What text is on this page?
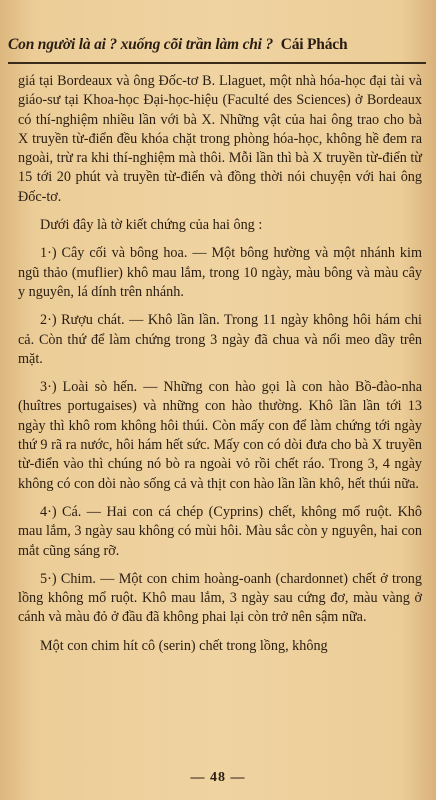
Con người là ai ? xuống cõi trần làm chi ? Cái Phách

giá tại Bordeaux và ông Đốc-tơ B. Llaguet, một nhà hóa-học đại tài và giáo-sư tại Khoa-học Đại-học-hiệu (Faculté des Sciences) ở Bordeaux có thí-nghiệm nhiều lần với bà X. Những vật của hai ông trao cho bà X truyền từ-điển đều khóa chặt trong phòng hóa-học, không hề đem ra ngoài, trừ ra khi thí-nghiệm mà thôi. Mỗi lần thì bà X truyền từ-điển từ 15 tới 20 phút và truyền từ-điển và đồng thời nói chuyện với hai ông Đốc-tơ.

Dưới đây là tờ kiết chứng của hai ông :

1·) Cây cối và bông hoa. — Một bông hường và một nhánh kim ngũ thảo (muflier) khô mau lắm, trong 10 ngày, màu bông và màu cây y nguyên, lá dính trên nhánh.

2·) Rượu chát. — Khô lần lần. Trong 11 ngày không hôi hám chi cả. Còn thứ để làm chứng trong 3 ngày đã chua và nổi meo dầy trên mặt.

3·) Loài sò hến. — Những con hào gọi là con hào Bồ-đào-nha (huîtres portugaises) và những con hào thường. Khô lần lần tới 13 ngày thì khô rom không hôi thúi. Còn mấy con để làm chứng tới ngày thứ 9 rã ra nước, hôi hám hết sức. Mấy con có dòi đưa cho bà X truyền từ-điển vào thì chúng nó bò ra ngoài vỏ rồi chết ráo. Trong 3, 4 ngày không có con dòi nào sống cả và thịt con hào lần lần khô, hết thúi nữa.

4·) Cá. — Hai con cá chép (Cyprins) chết, không mổ ruột. Khô mau lắm, 3 ngày sau không có mùi hôi. Màu sắc còn y nguyên, hai con mắt cũng sáng rỡ.

5·) Chim. — Một con chim hoàng-oanh (chardonnet) chết ở trong lồng không mổ ruột. Khô mau lắm, 3 ngày sau cứng đơ, màu vàng ở cánh và màu đỏ ở đầu đã không phai lại còn trở nên sậm nữa.

Một con chim hít cô (serin) chết trong lồng, không

— 48 —
